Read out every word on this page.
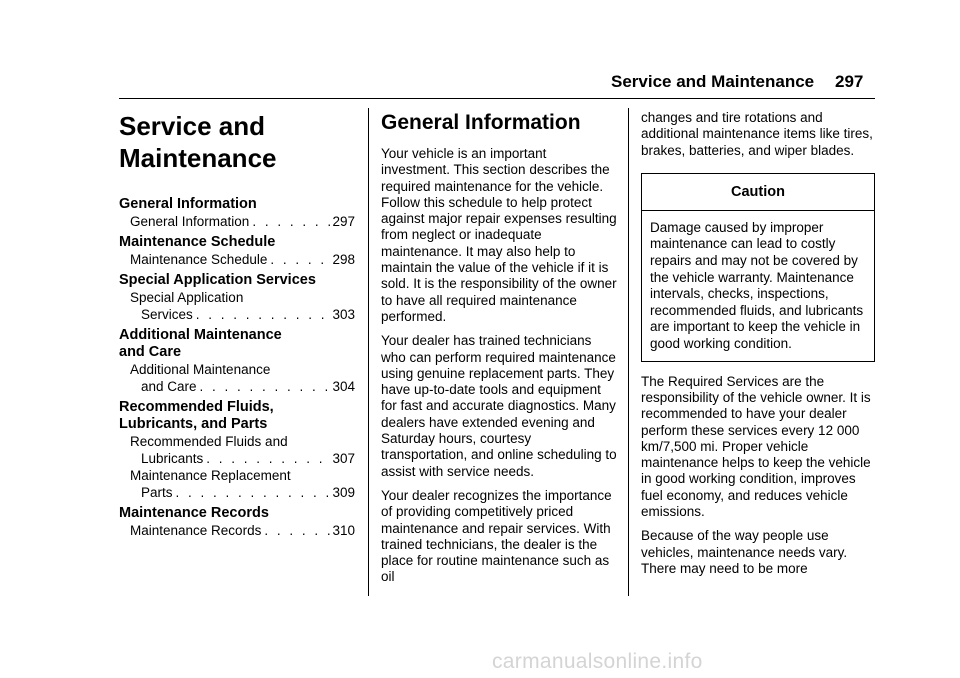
Service and Maintenance 297
Service and
Maintenance
General Information
General Information . . .	297
Maintenance Schedule
Maintenance Schedule . . .	298
Special Application Services
Special Application
Services . . .	303
Additional Maintenance and Care
Additional Maintenance
and Care . . .	304
Recommended Fluids, Lubricants, and Parts
Recommended Fluids and
Lubricants . . .	307
Maintenance Replacement
Parts . . .	309
Maintenance Records
Maintenance Records . . .	310
General Information

Your vehicle is an important investment. This section describes the required maintenance for the vehicle. Follow this schedule to help protect against major repair expenses resulting from neglect or inadequate maintenance. It may also help to maintain the value of the vehicle if it is sold. It is the responsibility of the owner to have all required maintenance performed.

Your dealer has trained technicians who can perform required maintenance using genuine replacement parts. They have up-to-date tools and equipment for fast and accurate diagnostics. Many dealers have extended evening and Saturday hours, courtesy transportation, and online scheduling to assist with service needs.

Your dealer recognizes the importance of providing competitively priced maintenance and repair services. With trained technicians, the dealer is the place for routine maintenance such as oil

changes and tire rotations and additional maintenance items like tires, brakes, batteries, and wiper blades.

Caution
Damage caused by improper maintenance can lead to costly repairs and may not be covered by the vehicle warranty. Maintenance intervals, checks, inspections, recommended fluids, and lubricants are important to keep the vehicle in good working condition.

The Required Services are the responsibility of the vehicle owner. It is recommended to have your dealer perform these services every 12 000 km/7,500 mi. Proper vehicle maintenance helps to keep the vehicle in good working condition, improves fuel economy, and reduces vehicle emissions.

Because of the way people use vehicles, maintenance needs vary. There may need to be more

carmanualsonline.info
